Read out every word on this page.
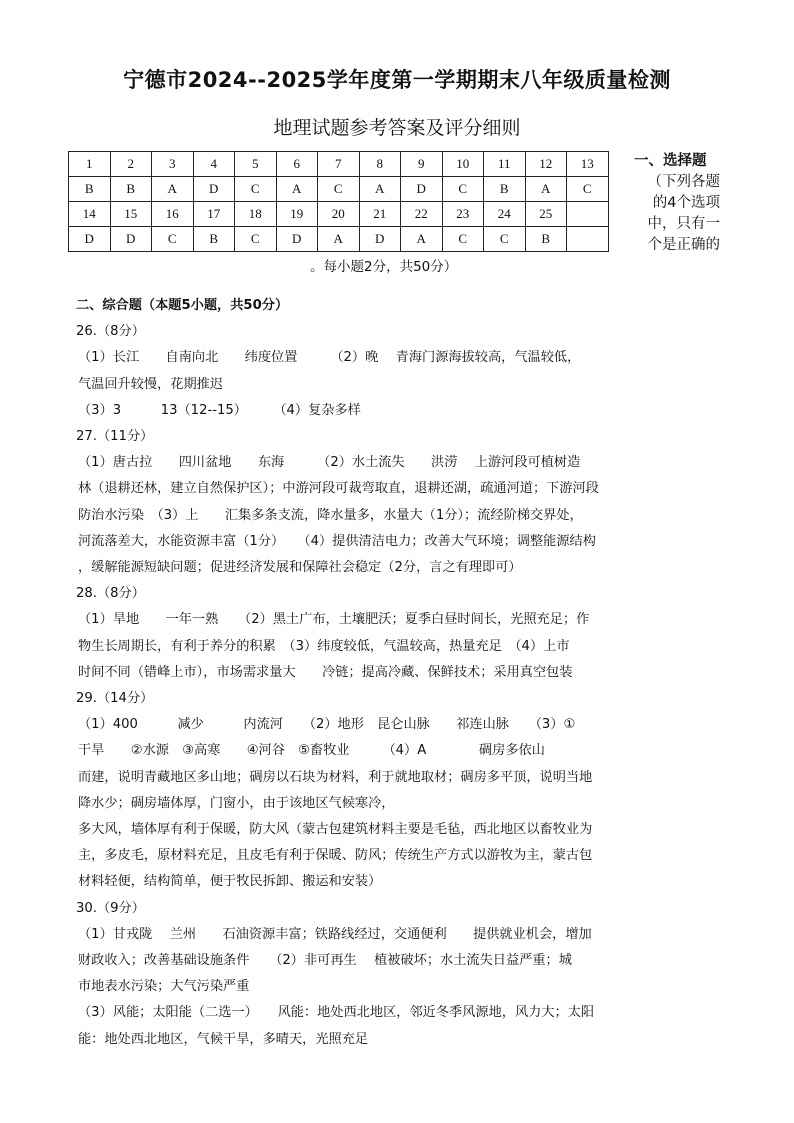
宁德市2024--2025学年度第一学期期末八年级质量检测
地理试题参考答案及评分细则
1	2	3	4	5	6	7	8	9	10	11	12	13
B	B	A	D	C	A	C	A	D	C	B	A	C
14	15	16	17	18	19	20	21	22	23	24	25	
D	D	C	B	C	D	A	D	A	C	C	B	
一、选择题
（下列各题
的4个选项
中，只有一
个是正确的
。每小题2分，共50分）

二、综合题（本题5小题，共50分）

26.（8分）

（1）长江　　自南向北　　纬度位置　　　（2）晚　 青海门源海拔较高，气温较低，

气温回升较慢，花期推迟

（3）3　　　13（12--15）　　　（4）复杂多样

27.（11分）

（1）唐古拉　　四川盆地　　东海　　　（2）水土流失　　洪涝　 上游河段可植树造

林（退耕还林，建立自然保护区）；中游河段可裁弯取直，退耕还湖，疏通河道；下游河段

防治水污染　（3）上　　汇集多条支流，降水量多，水量大（1分）；流经阶梯交界处，

河流落差大，水能资源丰富（1分）　　（4）提供清洁电力；改善大气环境；调整能源结构

，缓解能源短缺问题；促进经济发展和保障社会稳定（2分，言之有理即可）

28.（8分）

（1）旱地　　一年一熟　　（2）黑土广布，土壤肥沃；夏季白昼时间长，光照充足；作

物生长周期长，有利于养分的积累　（3）纬度较低，气温较高，热量充足　（4）上市

时间不同（错峰上市），市场需求量大　　冷链；提高冷藏、保鲜技术；采用真空包装

29.（14分）

（1）400　　　减少　　　内流河　　（2）地形　昆仑山脉　　祁连山脉　　（3）①

干旱　　②水源　③高寒　　④河谷　⑤畜牧业　　　（4）A　　　　碉房多依山

而建，说明青藏地区多山地；碉房以石块为材料，利于就地取材；碉房多平顶，说明当地

降水少；碉房墙体厚，门窗小，由于该地区气候寒冷，

多大风，墙体厚有利于保暖，防大风（蒙古包建筑材料主要是毛毡，西北地区以畜牧业为

主，多皮毛，原材料充足，且皮毛有利于保暖、防风；传统生产方式以游牧为主，蒙古包

材料轻便，结构简单，便于牧民拆卸、搬运和安装）

30.（9分）

（1）甘戎陇　 兰州　　石油资源丰富；铁路线经过，交通便利　　提供就业机会，增加

财政收入；改善基础设施条件　　（2）非可再生　 植被破坏；水土流失日益严重；城

市地表水污染；大气污染严重

（3）风能；太阳能（二选一）　　风能：地处西北地区，邻近冬季风源地，风力大；太阳

能：地处西北地区，气候干旱，多晴天，光照充足
